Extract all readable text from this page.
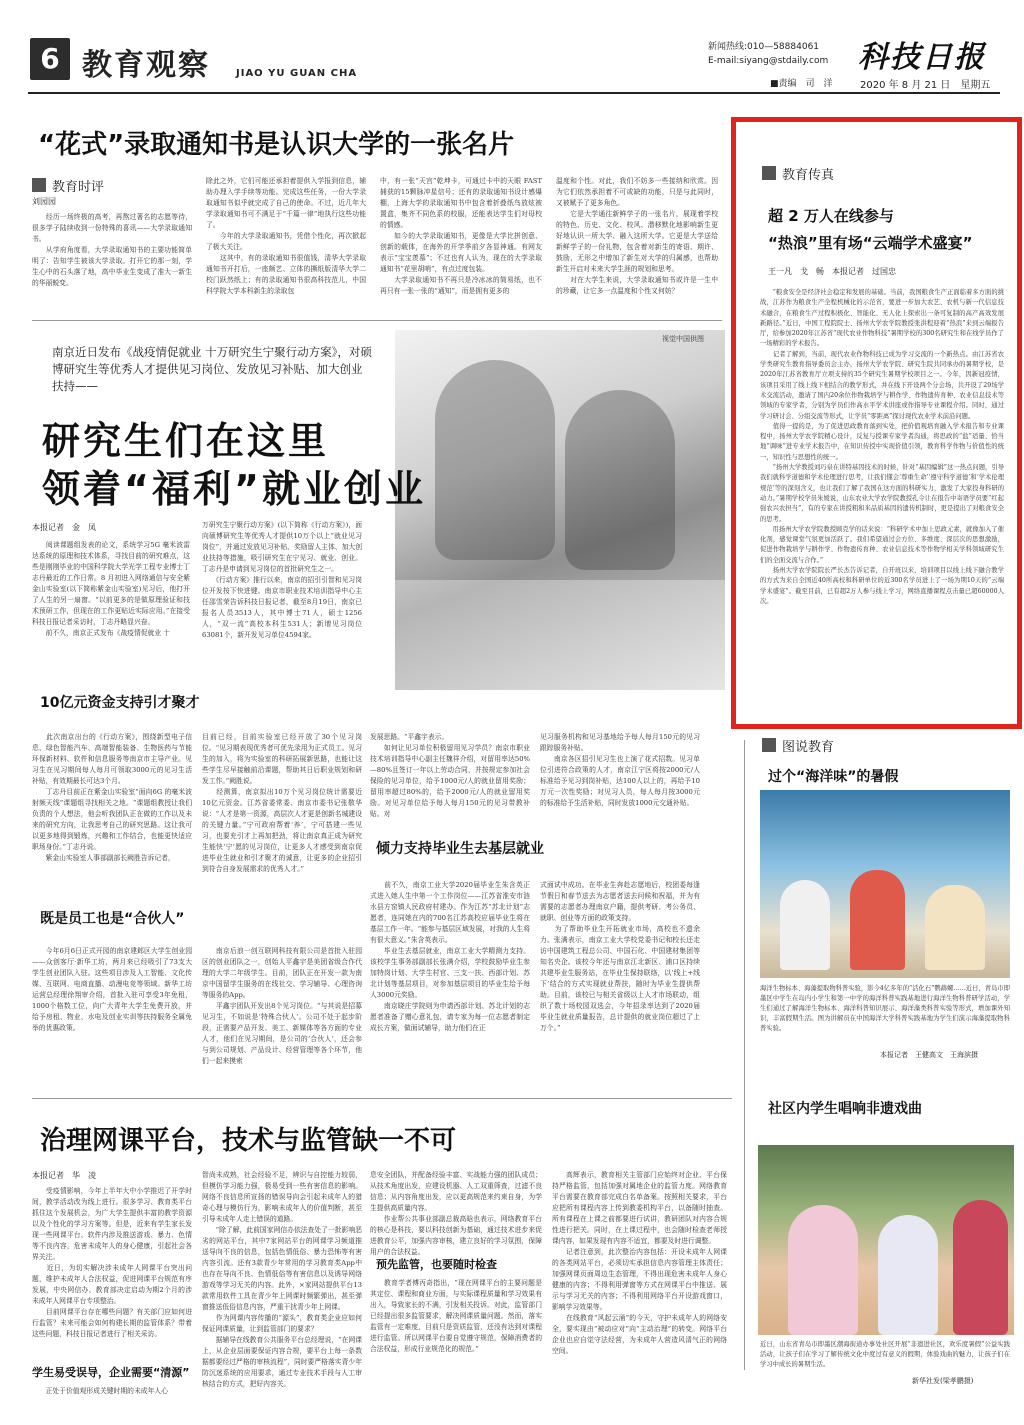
6 教育观察	JIAO YU GUAN CHA
新闻热线:010—58884061
E-mail:siyang@stdaily.com 科技日报
■责编　司　洋	2020 年 8 月 21 日　星期五
“花式”录取通知书是认识大学的一张名片
教育时评
刘园园
　　经历一场终极的高考，再熬过著名的志愿等待，很多学子陆续收到一份特殊的喜讯——大学录取通知书。
　　从学府角度看，大学录取通知书的主要功能简单明了：告知学生被该大学录取。打开它的那一刻，学生心中的石头落了地，高中毕业生变成了准大一新生的华丽蜕变。
除此之外，它们可能还承担着提供入学报到信息，辅助办理入学手续等功能。完成这些任务，一份大学录取通知书似乎就完成了自己的使命。不过，近几年大学录取通知书可不满足于“千篇一律”地执行这些功能了。
　　今年的大学录取通知书，凭借个性化，再次掀起了极大关注。
　　这其中，有的录取通知书很值钱，清华大学录取通知书开打后，一座颇艺、立体的撕纸版清华大学二校门跃然纸上；有的录取通知书很高科技范儿，中国科学院大学本科新生的录取包
中，有一张“天宫”乾坤卡，可通过卡中的天眼 FAST 捕获的15颗脉冲星信号；还有的录取通知书设计感爆棚，上海大学的录取通知书中包含着折叠纸鸟放炫被置盒，集齐不同色系的校服，还能表达学生们对母校的情感。
　　如今的大学录取通知书，更像是大学比拼创意、创新的载体，在海外的开学季前夕各显神通。有网友表示“宝宝羡慕”；不过也有人认为，现在的大学录取通知书“花里胡哨”，有点过度包装。
　　大学录取通知书不再只是冷冰冰的简易纸，也不再只有一张一张的“通知”，而是拥有更多的
温度和个性。对此，我们不妨多一些接纳和欣赏。因为它们依然承担着不可或缺的功能，只是与此同时，又被赋予了更多角色。
　　它是大学通往新鲜学子的一张名片，展现着学校的特色、历史、文化、校风、潜移默化地影响新生更好地认识一所大学、融入这所大学。它更是大学送给新鲜学子的一份礼物，包含着对新生的寄语、期许、鼓励，无形之中增加了新生对大学的归属感，也帮助新生开启对未来大学生涯的规划和思考。
　　对在大学生来说，大学录取通知书或许是一生中的珍藏，让它多一点温度和个性又何妨？
南京近日发布《战疫情促就业 十万研究生宁聚行动方案》，对硕博研究生等优秀人才提供见习岗位、发放见习补贴、加大创业扶持——
视觉中国供图
研究生们在这里
领着“福利”就业创业
本报记者　金　凤
　　阅读课题组发表的论文，系统学习5G 毫米波雷达系统的原理和技术体系，寻找目前的研究难点，这些是刚刚毕业的中国科学院大学光学工程专业博士丁志丹最近的工作日常。8 月初进入网络通信与安全紫金山实验室(以下简称紫金山实验室)见习后，他打开了人生的另一扇窗。“以前更多的是做原理验证和技术预研工作，但现在的工作更贴近实际应用。”在接受科技日报记者采访时，丁志丹略显兴奋。
　　前不久，南京正式发布《战疫情促就业 十
万研究生宁聚行动方案》(以下简称《行动方案》)，面向硕博研究生等优秀人才提供10万个以上“就业见习岗位”，并通过发放见习补贴、奖励留人主体、加大创业扶持等措施，吸引研究生在宁见习、就业、创业。丁志丹是申请到见习岗位的首批研究生之一。
　　《行动方案》推行以来，南京的招引引智和见习岗位开发按下快进键。南京市职业技术培训指导中心主任邵雪荣告诉科技日报记者，截至8月19日，南京已报名人员3513人，其中博士71人，硕士1256人，“双一流”高校本科生531人；新增见习岗位63081个，新开发见习单位4594家。
10亿元资金支持引才聚才
　　此次南京出台的《行动方案》，围绕新型电子信息、绿色智能汽车、高端智能装备、生物医药与节能环保新材料、软件和信息服务等南京市主导产业。见习生在见习期间每人每月可领取3000元的见习生活补贴，有效期最长可达3个月。
　　丁志丹目前正在紫金山实验室“面向6G 的毫米波射频天线”课题组寻找相关之地。“课题组教授让我们负责的个人想法，他会听我团队正在做的工作以及未来的研究方向，让我思考自己的研究思路。这让我可以更多地得到锻炼，兴趣和工作结合，也能更快适应职场身份。”丁志丹说。
　　紫金山实验室人事部副部长阙胜告诉记者，
目前已经，目前实验室已经开放了30个见习岗位。“见习期表现优秀者可优先录用为正式员工。见习生的加入，将为实验室的科研拓展新思路，也能让这些学生尽早接触前沿课题，帮助其日后职业规划和研发工作。”阙胜说。
　　经测算，南京拟出10万个见习岗位统计需要近10亿元资金。江苏省委常委、南京市委书记张敬华说：“人才是第一资源，高层次人才更是创新名城建设的关键力量。”宁可政府帮着‘养’，宁可搭建一些见习，也要充引才上再加把劲，将让南京真正成为研究生能快‘宁’愿的见习岗位，让更多人才感受到南京促进毕业生就业和引才聚才的诚意，让更多的企业招引到符合自身发展需求的优秀人才。”
发展思路。“平鑫宇表示。
　　如何让见习单位积极留用见习学员？南京市职业技术培训指导中心副主任魏祥介绍，对留用率达50%—80%且签订一年以上劳动合同，并按规定参加社会保险的见习单位，给予1000元/人的就业留用奖励；留用率超过80%的，给予2000元/人的就业留用奖励。对见习单位给予每人每月150元的见习带教补贴。对
见习服务机构和见习基地给予每人每月150元的见习跟踪服务补贴。
　　南京各区招引见习生也上演了花式招数。见习单位引进符合政策的人才，南京江宁区将按2000元/人标准给予见习到岗补贴，达100人以上的，再给予10万元一次性奖励；对见习人员，每人每月按3000元的标准给予生活补贴，同时发放1000元交通补贴。
既是员工也是“合伙人”
　　今年6月6日正式开园的南京建邺区大学生创业园——众创客厅·新华工坊，两月来已经吸引了73支大学生创业团队入驻。这些项目涉及人工智能、文化传媒、互联网、电商直播、动漫电竞等领域。新华工坊运营总经理徐翔审介绍，首批入驻可享受3年免租，1000个格数工位，向广大青年大学生免费开放，并给予房租、物业、水电及创业实训等扶持服务全属免举的优惠政策。
　　南京后浪一创互联网科技有限公司是首批入驻园区的创业团队之一，创始人平鑫宇是美团省级合作代理的大学二年级学生。目前，团队正在开发一款为南京中国留学生服务的在线社交、学习辅导、心理咨询等服务的App。
　　平鑫宇团队开发出8个见习岗位。“与其说是招募见习生，不如说是‘特殊合伙人’。公司不处于起步阶段，正需要产品开发、美工、新媒体等各方面的专业人才，他们在见习期间，是公司的‘合伙人’，还会参与到公司规划、产品设计、经营管理等各个环节，他们一起来摸索
倾力支持毕业生去基层就业
　　前不久，南京工业大学2020届毕业生朱含英正式进入她人生中第一个工作岗位——江苏省淮安市涟水县方窑镇人民政府村建办。作为江苏“苏北计划”志愿者，连同她在内的700名江苏高校应届毕业生将在基层工作一年。“能参与基层区域发展，对我的人生将有很大意义。”朱含英表示。
　　毕业生去基层就业，南京工业大学精测力支持。该校学生事务部副部长张满介绍，学校鼓励毕业生参加特岗计划、大学生村官、三支一扶、西部计划、苏北计划等基层项目，对参加基层项目的毕业生给予每人3000元奖励。
　　南京晓庄学院则为申请西部计划、苏北计划的志愿者准备了赠心意礼包，请专家为每一位志愿者制定成长方案，做面试辅导，助力他们在正
式面试中成功。在毕业生奔赴志愿地后，校团委每逢节假日和春节送去为志愿者送去问候和祝福，并为有需要的志愿者办理南京户籍，提供考研、考公务员、就职、创业等方面的政策支持。
　　为了帮助毕业生开拓就业市场，高校也不遗余力。张满表示，南京工业大学校党委书记和校长还走访中国建筑工程总公司、中国石化、中国建材集团等知名央企。该校今年还与南京江北新区、浦口区持续共建毕业生服务站，在毕业生保持联络，以‘线上+线下’结合的方式实现就业帮扶，随时为毕业生提供帮助。目前，该校已与相关省级以上人才市场联动，组织了数十场校园双选会，今年招录率达到了2020届毕业生就业质量报告，总计提供的就业岗位超过了上万个。”
教育传真
超 2 万人在线参与
“热浪”里有场“云端学术盛宴”
王一凡　戈　畅　本报记者　过国忠
　　“粮食安全是经济社会稳定和发展的基础。当前，我国粮食生产正面临着多方面的挑战，江苏作为粮食生产全程机械化的示范省，要进一步加大农艺、农机与新一代信息技术融合，在粮食生产过程积极化、智能化、无人化上探索出一条可复制的高产高效发展新路径。”近日，中国工程院院士、扬州大学农学院教授张洪程迎着“热浪”来到云端报告厅，给参加2020年江苏省“现代农业作物科技”暑期学校的300名研究生和在线学员作了一场精彩的学术报告。
　　记者了解到，当前，现代农业作物科技已成为学习交流的一个新热点。由江苏省农学类研究生教育指导委员会主办，扬州大学农学院、研究生院共同承办的暑期学校，是2020年江苏省教育厅立项支持的35个研究生暑期学校项目之一。今年，因新冠疫情，该项目采用了线上线下相结合的教学形式，并在线下开设两个分会场，共开设了29场学术交流活动，邀请了国内20余位作物栽培学与耕作学、作物遗传育种、农业信息技术等领域的专家学者，分别为学员们作高水平学术讲座或作指导专业课程介绍。同时，通过学习研讨会、分组交流等形式，让学员“零距离”探讨现代农业学术前沿问题。
　　值得一提的是，为了促进思政教育落到实处，把价值观培育融入学术报告和专业课程中，扬州大学农学院精心设计，反复与授课专家学者沟通，将思政的“盐”适量、恰当地“调味”进专业学术报告中，在知识传授中实现价值引领，教育科学作物与价值性的统一，知识性与思想性的统一。
　　“扬州大学教授刘巧泉在讲特基因技术的时候，针对“基因编辑”这一热点问题，引导我们就科学道德和学术伦理进行思考，让我们懂会‘尊重生命’‘遵守科学道德’和‘学术伦理规范’等的深刻含义，也让我们了解了我国在这方面的科研实力，激发了大家投身科研的动力。”暑期学校学员朱媛说，山东农业大学农学院教授孔令让在报告中寄语学员要“红起强农兴农担当”，有的专家在讲授粗和米品质基因的遗传机制时，更是提出了对粮食安全的思考。
　　用扬州大学农学院教授顾克学的话来说：“科研学术中加上思政元素，就像加入了催化剂，感觉课堂气氛更加活跃了。我们希望通过会方位、多维度、深层次的思想激励，促进作物栽培学与耕作学、作物遗传育种、农业信息技术等作物学相关学科领域研究生们的全面交流与合作。”
　　扬州大学农学院院长严长杰告诉记者，自开班以来，培训项目以线上线下融合教学的方式为来自全国近40所高校和科研单位的近300名学员进上了一场为期10天的“云端学术盛宴”。截至目前，已有超2万人参与线上学习，网络直播课程点击量已超60000人次。
图说教育
过个“海洋味”的暑假
海洋生物标本、海藻提取物科普实验，影今4亿多年的“活化石”鹦鹉螺……近日，青岛市即墨区中学生在岛内小学生和第一中学的海洋科普实践基地进行海洋生物科普研学活动，学生们通过了解海洋生物标本、海洋科普知识展示、海洋藻类科普实验等形式，增加课外知识，丰富假期生活。图为讲解员在中国海洋大学科普实践基地为学生们演示海藻提取物科普实验。
本报记者　王健高文　王海滨摄
社区内学生唱响非遗戏曲
近日，山东省青岛市即墨区潮海街道办事处社区开展“非遗进社区，欢乐度暑假”公益实践活动，让孩子们在学习了解传统文化中度过有意义的假期，体验戏曲的魅力，让孩子们在学习中成长的暑期生活。
新华社发(梁孝鹏摄)
治理网课平台，技术与监管缺一不可
本报记者　华　凌
　　受疫情影响，今年上半年大中小学推迟了开学时间，教学活动改为线上进行。很多学习、教育类平台抓住这个发展机会，为广大学生提供丰富的教学资源以及个性化的学习方案等。但是，近来有学生家长发现一些网课平台、软件内涉及推送游戏、暴力、色情等不良内容，危害未成年人的身心健康，引起社会各界关注。
　　近日，为切实解决涉未成年人网课平台突出问题，维护未成年人合法权益，促进网课平台规范有序发展，中央网信办、教育部决定启动为期2个月的涉未成年人网课平台专项整治。
　　目前网课平台存在哪些问题？有关部门应如何进行监管？未来可能会如何构建长期的监管体系？带着这些问题，科技日报记者进行了相关采访。
学生易受误导，企业需要“清源”
　　正处于价值观形成关键时期的未成年人心
智尚未成熟，社会经验不足，辨识与自控能力较弱，但模仿学习能力强，极易受到一些有害信息的影响。网络不良信息所宣扬的错误导向会引起未成年人的猎奇心理与模仿行为，影响未成年人的价值判断，甚至引导未成年人走上错误的道路。
　　“除了解，此前国家网信办依法查处了一批影响恶劣的网站平台，其中7家网站平台的网课学习频道推送导向不良的信息，包括色情低俗、暴力恐怖等有害内容引流。还有3款青少年常用的学习教育类App中也存在导向不良、色情低俗等有害信息以及诱导网络游戏等学习无关的内容。此外，×家网站提供平台13款常用软件工具在青少年上网课时频繁弹出，甚至弹窗推送低俗信息内容，严重干扰青少年上网课。
　　作为网课内容传播的“源头”，教育类企业应如何保证网课质量，让到监管部门的要求？
　　据辅导在线教育公共服务平台总经理说，“在网课上，从企业层面要保证内容合规，要平台上每一条数据都要经过严格的审核流程”，同时要严格落实青少年防沉迷系统的应用要求，通过专业技术手段与人工审核结合的方式，把好内容关。
息安全团队，并配备经验丰富、实战能力强的团队成员；从技术角度出发，应建设机器、人工双重筛查，过滤不良信息；从内容角度出发，应以更高规范来约束自身，为学生提供高质量内容。
　　作业帮公共事业部副总裁高晗也表示，网络教育平台的核心是科技，要以科技创新为基础，通过技术进步来促进教育公平，加强内容审核，建立良好的学习氛围，保障用户的合法权益。
预先监管，也要随时检查
　　教育学者傅丙奇指出，“现在网课平台的主要问题是其定位、课程和商业方面，与实际课程质量和学习效果有出入，导致家长的不满，引发相关投诉。对此，监管部门已经提出很多监管要求，解决网课质量问题。然而，落实监管有一定难度，目前只是资质监管，还没有达到对课程进行监管。所以网课平台要自觉遵守规范，保障消费者的合法权益，形成行业规范化的规范。”
　　高辉表示，教育相关主管部门应始终对企业、平台保持严格监管，包括加强对属地企业的监管力度。网络教育平台需要在教育部完成白名单备案。按照相关要求，平台应把所有课程内容上传到教委机构平台，以备随时抽查。所有课程在上课之前都要进行试讲，教研团队对内容合规性进行把关。同时，在上课过程中，也会随时检查老师授课内容，如果发现有内容不适宜，都要及时进行调整。
　　记者注意到，此次整治内容包括：开设未成年人网课的各类网站平台，必须切实承担信息内容管理主体责任；加强网课页面周边生态管理，不得出现危害未成年人身心健康的内容；不得利用弹窗等方式在网课平台中推送、展示与学习无关的内容；不得利用网络平台开设游戏窗口，影响学习效果等。
　　在线教育“风起云涌”的今天，守护未成年人的网络安全，要实现由“被动应对”向“主动治理”的转变。网络平台企业也应自觉守法经营，为未成年人营造风清气正的网络空间。
